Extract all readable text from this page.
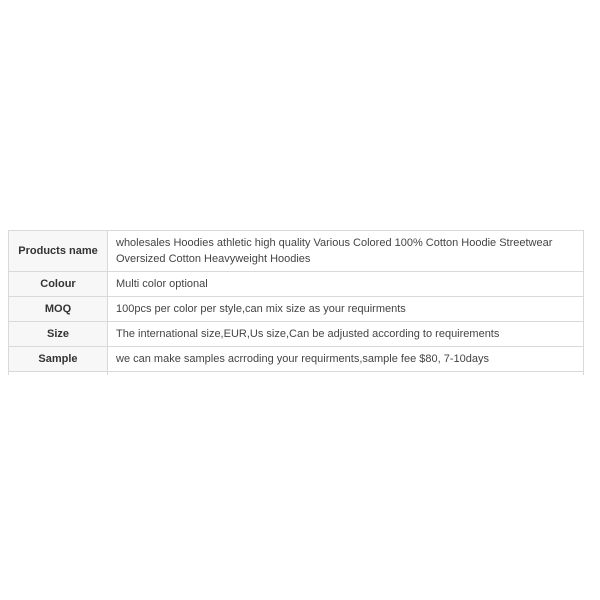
Products name	wholesales Hoodies athletic high quality Various Colored 100% Cotton Hoodie Streetwear Oversized Cotton Heavyweight Hoodies
Colour	Multi color optional
MOQ	100pcs per color per style,can mix size as your requirments
Size	The international size,EUR,Us size,Can be adjusted according to requirements
Sample	we can make samples acrroding your requirments,sample fee $80, 7-10days
